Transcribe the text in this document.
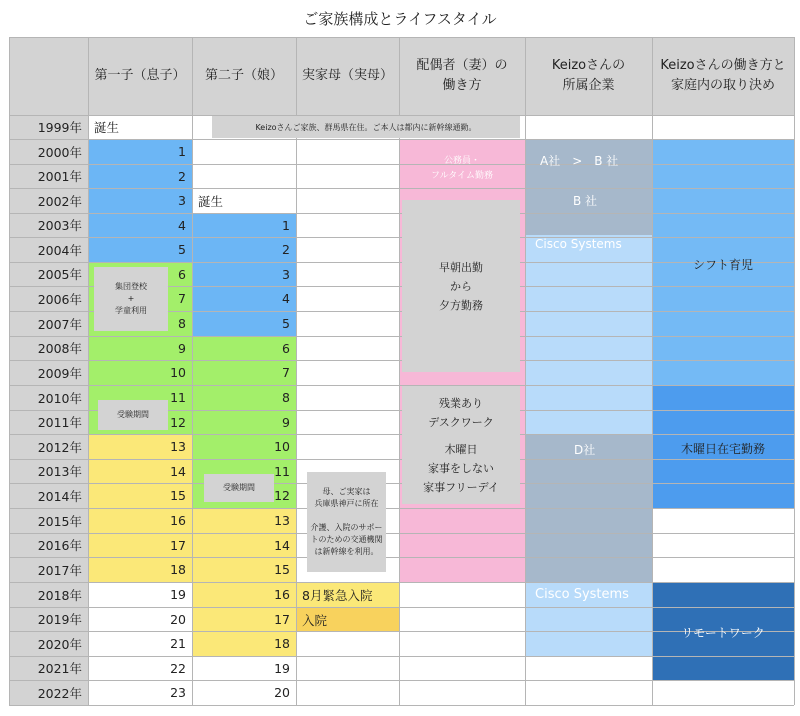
ご家族構成とライフスタイル
第一子（息子） 第二子（娘） 実家母（実母）
配偶者（妻）の
働き方
Keizoさんの
所属企業
Keizoさんの働き方と
家庭内の取り決め
1999年
2000年
2001年
2002年
2003年
2004年
2005年
2006年
2007年
2008年
2009年
2010年
2011年
2012年
2013年
2014年
2015年
2016年
2017年
2018年
2019年
2020年
2021年
2022年
1
2
3
4
5
6
7
8
9
10
11
12
13
14
15
16
17
18
19
20
21
22
23
誕生
1
2
3
4
5
6
7
8
9
10
11
12
13
14
15
16
17
18
19
20
誕生
Keizoさんご家族、群馬県在住。ご本人は都内に新幹線通勤。
集団登校
+
学童利用
受験期間
受験期間	母、ご実家は
兵庫県神戸に所在
介護、入院のサポー
トのための交通機関
は新幹線を利用。
8月緊急入院
入院
公務員・
フルタイム勤務
早朝出勤
から
夕方勤務
残業あり
デスクワーク
木曜日
家事をしない
家事フリーデイ
A社　>　B 社
B 社
Cisco Systems
D社
Cisco Systems
シフト育児
木曜日在宅勤務
リモートワーク
